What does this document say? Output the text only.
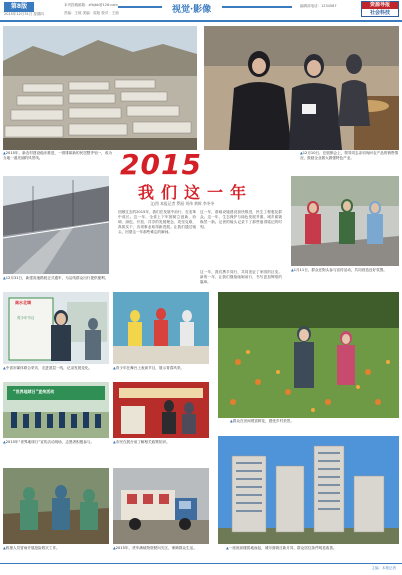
第8版
2015年12月31日 星期四
本刊投稿邮箱：zfbjbk@126.com
责编：王琼 美编：周旭 校对：王琼	视觉·影像	编辑部电话：1234567	资源导报
社会科技
▲2015年，新农村建设稳步推进，一排排崭新的民居整齐划一，成为当地一道亮丽的风景线。
▲12月10日，在展销会上，领导同志亲切询问农产品的销售情况，鼓励企业做大做强特色产业。
▲12月31日，新建高速路段正式通车，为沿线群众出行提供便利。
2015
我们这一年
文/图 本报记者 罗丽 刘伟 黄辉 李冬冬
回顾过去的2015年，我们在发展中前行，在变革中成长。这一年，全省上下牢固树立创新、协调、绿色、开放、共享的发展理念，攻坚克难，真抓实干，各项事业取得新进展。让我们通过镜头，回望这一年那些难忘的瞬间。
这一年，基础设施建设加快推进，民生工程惠及群众。这一年，生态保护与绿色发展并重，城乡面貌焕然一新。记者的镜头记录下了那些值得铭记的时刻。
这一年，我们携手同行，共同见证了家园的巨变。新的一年，让我们继续砥砺前行，书写更加辉煌的篇章。
▲1月11日，群众在街头参与宣传活动，共同营造良好氛围。
南水北调
青少年节目
▲中省市媒体联合采访，走进基层一线，记录发展变化。	▲青少年在舞台上表演节目，展示青春风采。
▲群众在田间观赏鲜花，感受乡村美景。
“世界地球日”宣传活动
▲2015年“世界地球日”宣传活动现场，志愿者积极参与。	▲市民在展台前了解相关政策知识。
▲救援人员冒雨开展抢险救灾工作。	▲2015年，货车满载物资驶向灾区，保障群众生活。	▲一座座高楼拔地而起，城市面貌日新月异，群众居住条件明显改善。
主编：本报记者
